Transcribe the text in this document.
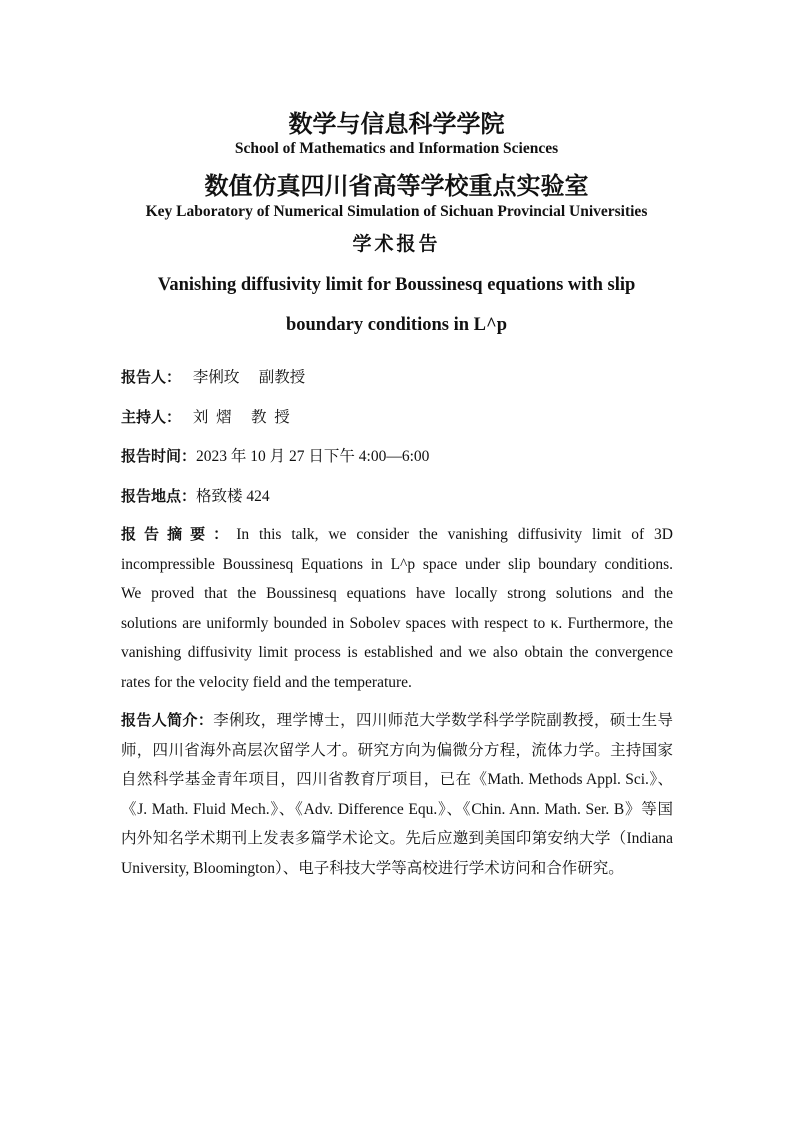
数学与信息科学学院
School of Mathematics and Information Sciences
数值仿真四川省高等学校重点实验室
Key Laboratory of Numerical Simulation of Sichuan Provincial Universities
学术报告
Vanishing diffusivity limit for Boussinesq equations with slip
boundary conditions in L^p
报告人： 李俐玫     副教授
主持人： 刘  熠     教  授
报告时间：2023 年 10 月 27 日下午 4:00—6:00
报告地点：格致楼 424
报告摘要：In this talk, we consider the vanishing diffusivity limit of 3D
incompressible Boussinesq Equations in L^p space under slip boundary conditions.
We proved that the Boussinesq equations have locally strong solutions and the
solutions are uniformly bounded in Sobolev spaces with respect to κ. Furthermore, the
vanishing diffusivity limit process is established and we also obtain the convergence
rates for the velocity field and the temperature.
报告人简介：李俐玫，理学博士，四川师范大学数学科学学院副教授，硕士生导
师，四川省海外高层次留学人才。研究方向为偏微分方程，流体力学。主持国家
自然科学基金青年项目，四川省教育厅项目，已在《Math. Methods Appl. Sci.》、
《J. Math. Fluid Mech.》、《Adv. Difference Equ.》、《Chin. Ann. Math. Ser. B》等国
内外知名学术期刊上发表多篇学术论文。先后应邀到美国印第安纳大学（Indiana
University, Bloomington）、电子科技大学等高校进行学术访问和合作研究。
